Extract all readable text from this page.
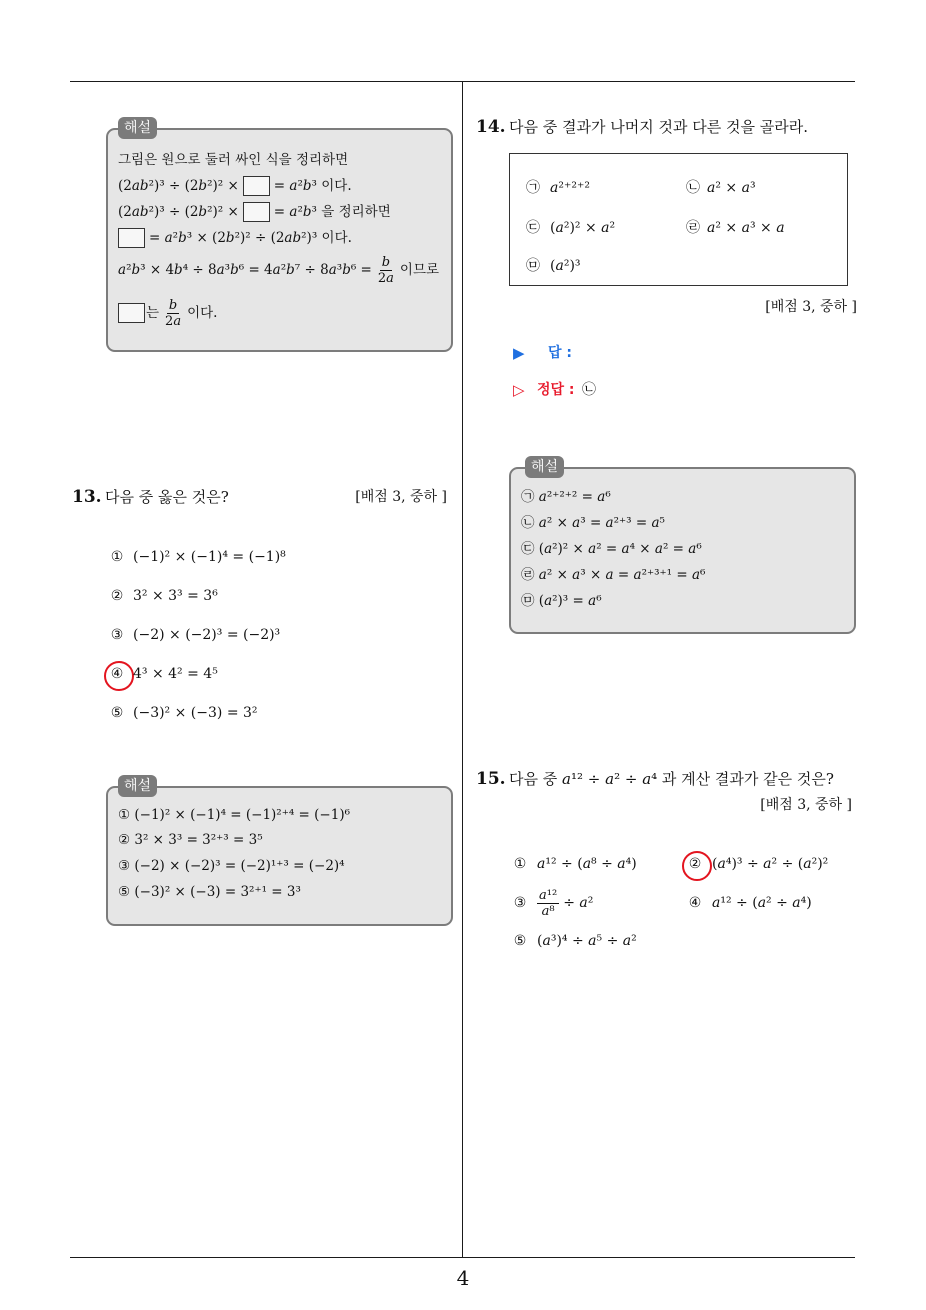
해설
그림은 원으로 둘러 싸인 식을 정리하면
(2ab²)³ ÷ (2b²)² ×	= a²b³ 이다.
(2ab²)³ ÷ (2b²)² ×	= a²b³ 을 정리하면
= a²b³ × (2b²)² ÷ (2ab²)³ 이다.
$a^2b^3 \times 4b^4 \div 8a^3b^6 = 4a^2b^7 \div 8a^3b^6 = \frac{b}{2a}$ 이므로
는 $\frac{b}{2a}$ 이다.
13. 다음 중 옳은 것은?	[배점 3, 중하 ]
① (−1)² × (−1)⁴ = (−1)⁸
② 3² × 3³ = 3⁶
③ (−2) × (−2)³ = (−2)³
④ 4³ × 4² = 4⁵
⑤ (−3)² × (−3) = 3²
해설
① (−1)² × (−1)⁴ = (−1)²⁺⁴ = (−1)⁶
② 3² × 3³ = 3²⁺³ = 3⁵
③ (−2) × (−2)³ = (−2)¹⁺³ = (−2)⁴
⑤ (−3)² × (−3) = 3²⁺¹ = 3³
14. 다음 중 결과가 나머지 것과 다른 것을 골라라.
㉠ a²⁺²⁺²	㉡ a² × a³
㉢ (a²)² × a²	㉣ a² × a³ × a
㉤ (a²)³
[배점 3, 중하 ]
▶ 답 :
▷ 정답 : ㉡
해설
㉠ a²⁺²⁺² = a⁶
㉡ a² × a³ = a²⁺³ = a⁵
㉢ (a²)² × a² = a⁴ × a² = a⁶
㉣ a² × a³ × a = a²⁺³⁺¹ = a⁶
㉤ (a²)³ = a⁶
15. 다음 중 a¹² ÷ a² ÷ a⁴ 과 계산 결과가 같은 것은?
[배점 3, 중하 ]
① a¹² ÷ (a⁸ ÷ a⁴)	② (a⁴)³ ÷ a² ÷ (a²)²
③ $\frac{\text{a¹²}}{\text{a⁸}} \div a^2$	④ a¹² ÷ (a² ÷ a⁴)
⑤ (a³)⁴ ÷ a⁵ ÷ a²
4
